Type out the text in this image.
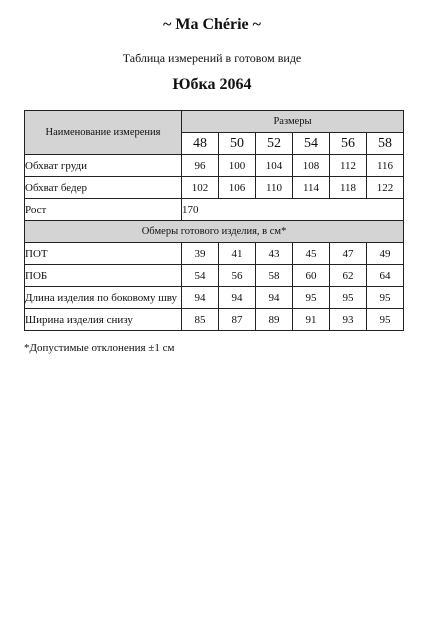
~ Ma Chérie ~
Таблица измерений в готовом виде
Юбка 2064
Наименование измерения	Размеры					
	48	50	52	54	56	58
Обхват груди	96	100	104	108	112	116
Обхват бедер	102	106	110	114	118	122
Рост	170					
Обмеры готового изделия, в см*						
ПОТ	39	41	43	45	47	49
ПОБ	54	56	58	60	62	64
Длина изделия по боковому шву	94	94	94	95	95	95
Ширина изделия снизу	85	87	89	91	93	95
*Допустимые отклонения ±1 см
